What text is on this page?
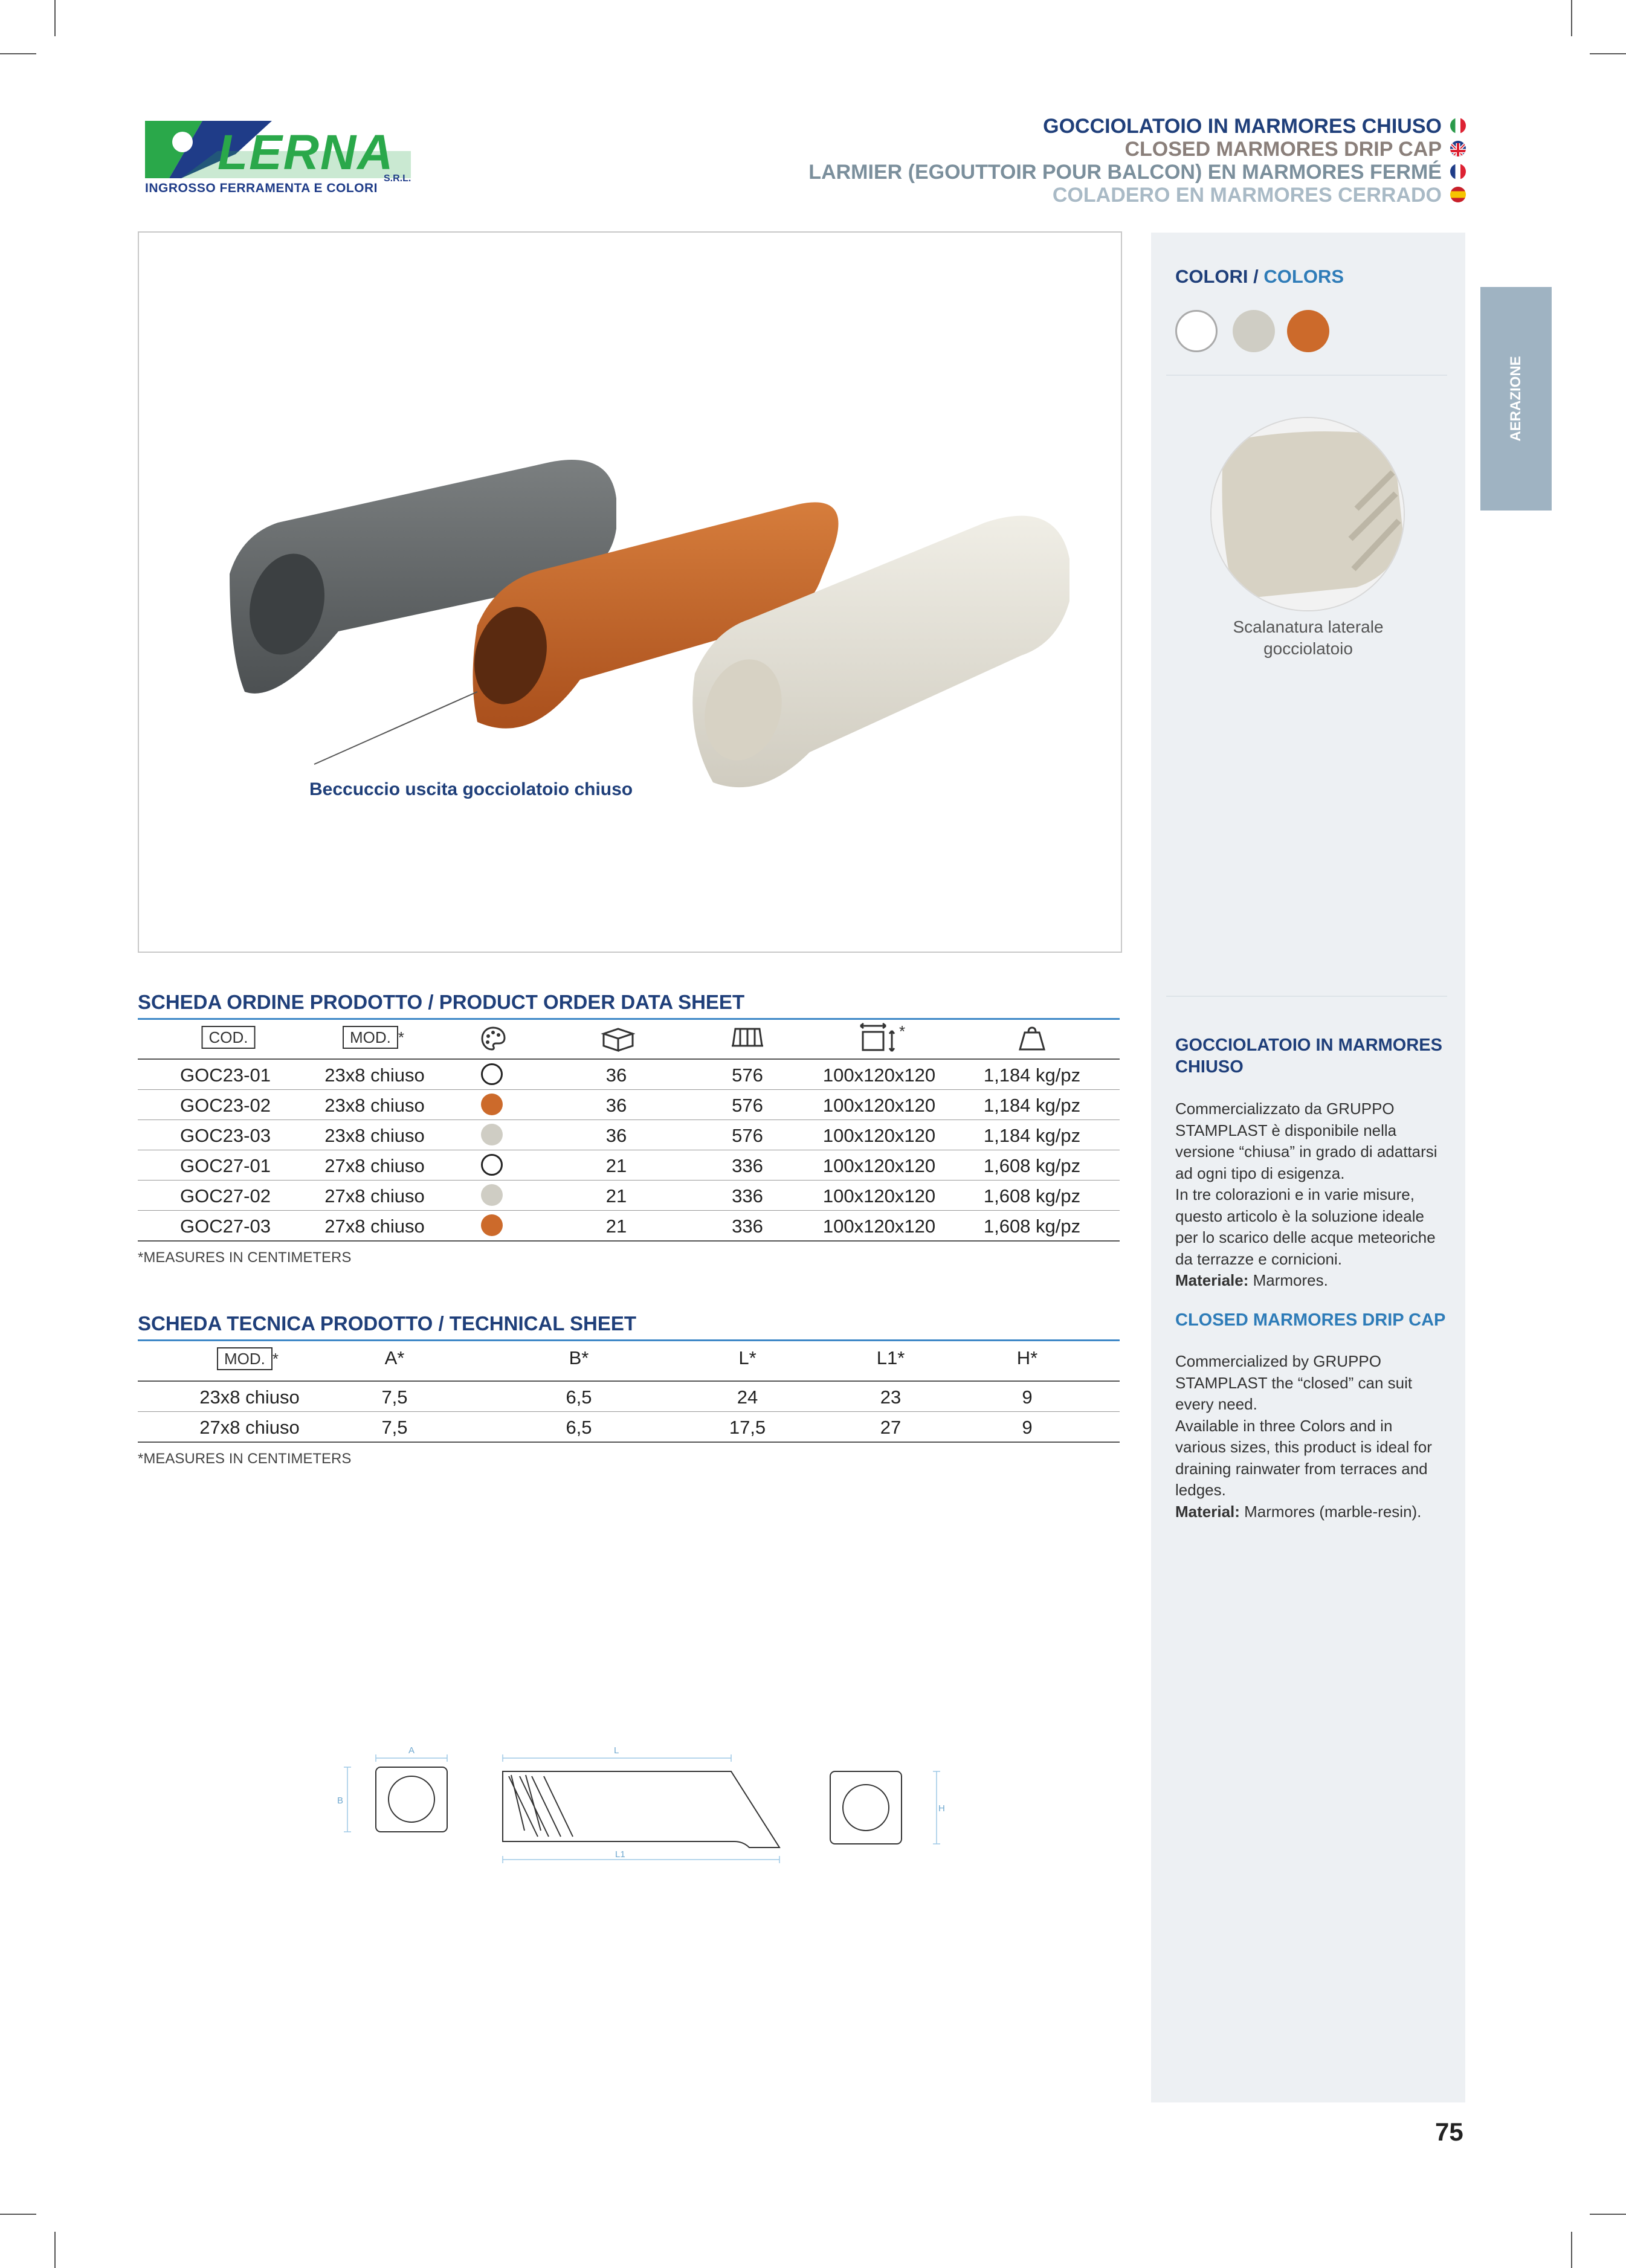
LERNA
S.R.L.
INGROSSO FERRAMENTA E COLORI
GOCCIOLATOIO IN MARMORES CHIUSO
CLOSED MARMORES DRIP CAP
LARMIER (EGOUTTOIR POUR BALCON) EN MARMORES FERMÉ
COLADERO EN MARMORES CERRADO
AERAZIONE
COLORI / COLORS
Scalanatura laterale
gocciolatoio
GOCCIOLATOIO IN MARMORES CHIUSO
Commercializzato da GRUPPO
STAMPLAST è disponibile nella
versione “chiusa” in grado di adattarsi
ad ogni tipo di esigenza.
In tre colorazioni e in varie misure,
questo articolo è la soluzione ideale
per lo scarico delle acque meteoriche
da terrazze e cornicioni.
Materiale: Marmores.
CLOSED MARMORES DRIP CAP
Commercialized by GRUPPO
STAMPLAST the “closed” can suit
every need.
Available in three Colors and in
various sizes, this product is ideal for
draining rainwater from terraces and
ledges.
Material: Marmores (marble-resin).
Beccuccio uscita gocciolatoio chiuso
SCHEDA ORDINE PRODOTTO / PRODUCT ORDER DATA SHEET
COD.	MOD. *	*
GOC23-01	23x8 chiuso	36	576	100x120x120	1,184 kg/pz
GOC23-02	23x8 chiuso	36	576	100x120x120	1,184 kg/pz
GOC23-03	23x8 chiuso	36	576	100x120x120	1,184 kg/pz
GOC27-01	27x8 chiuso	21	336	100x120x120	1,608 kg/pz
GOC27-02	27x8 chiuso	21	336	100x120x120	1,608 kg/pz
GOC27-03	27x8 chiuso	21	336	100x120x120	1,608 kg/pz
*MEASURES IN CENTIMETERS
SCHEDA TECNICA PRODOTTO / TECHNICAL SHEET
MOD. *	A*	B*	L*	L1*	H*
23x8 chiuso	7,5	6,5	24	23	9
27x8 chiuso	7,5	6,5	17,5	27	9
*MEASURES IN CENTIMETERS
A
B
L
L1
H
75
